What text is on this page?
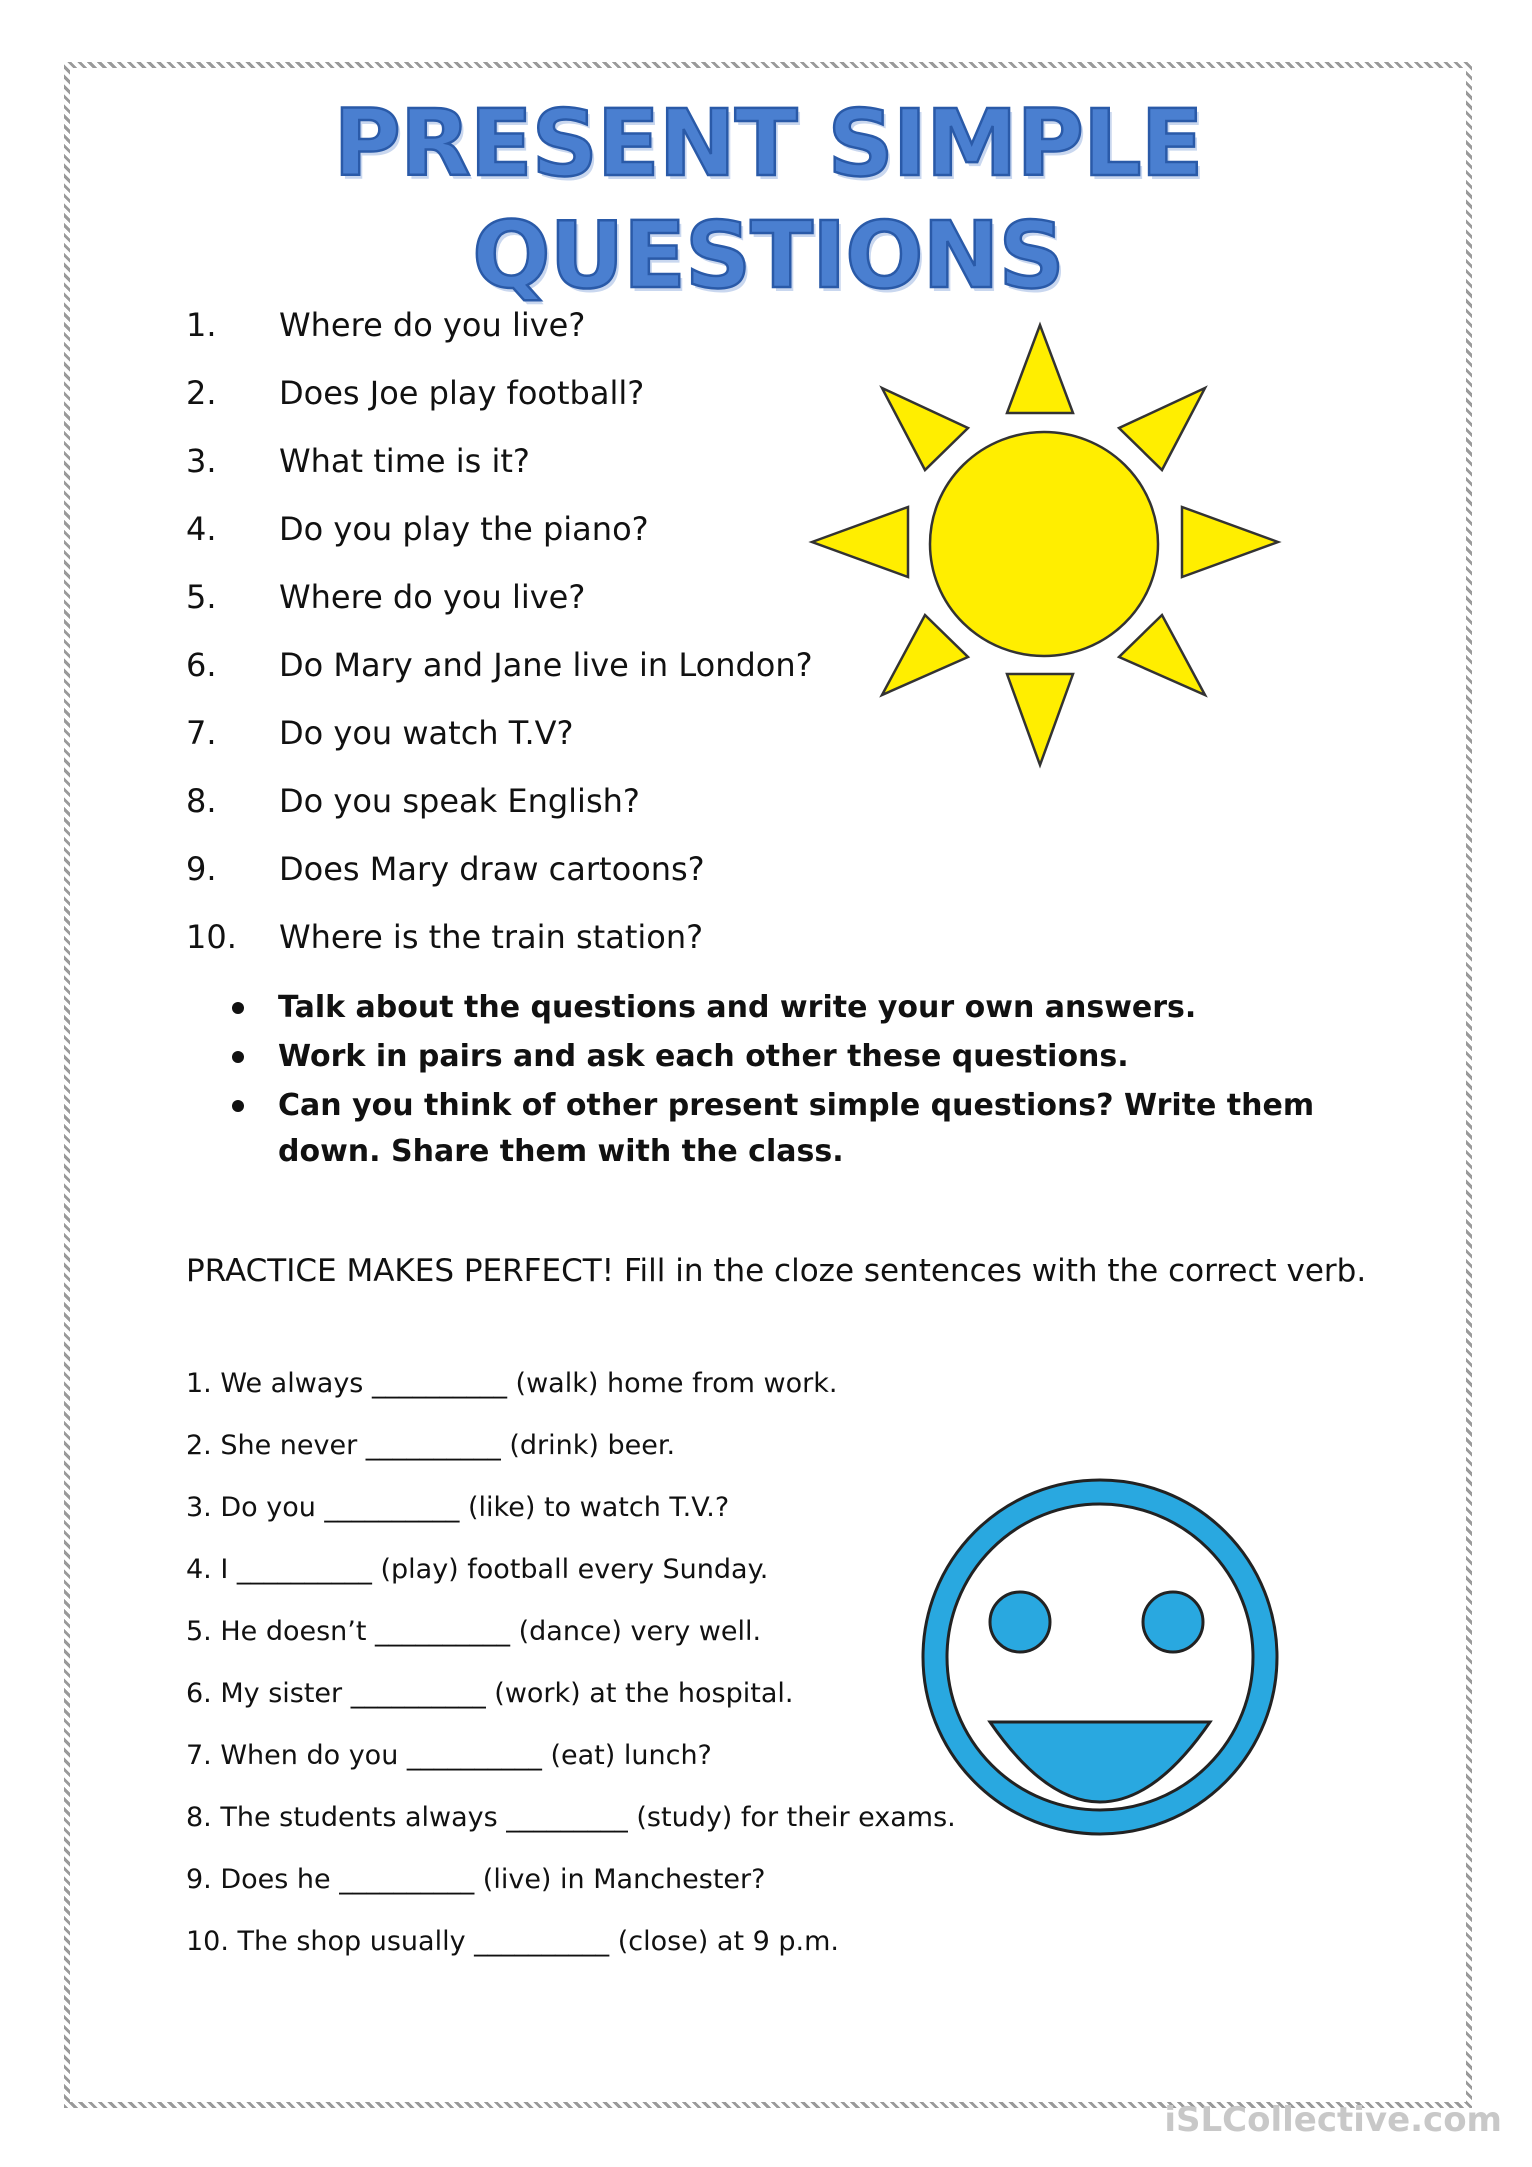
PRESENT SIMPLE QUESTIONS
1.	Where do you live?
2.	Does Joe play football?
3.	What time is it?
4.	Do you play the piano?
5.	Where do you live?
6.	Do Mary and Jane live in London?
7.	Do you watch T.V?
8.	Do you speak English?
9.	Does Mary draw cartoons?
10.	Where is the train station?
Talk about the questions and write your own answers.
Work in pairs and ask each other these questions.
Can you think of other present simple questions? Write them down. Share them with the class.
PRACTICE MAKES PERFECT! Fill in the cloze sentences with the correct verb.
1. We always __________ (walk) home from work.
2. She never __________ (drink) beer.
3. Do you __________ (like) to watch T.V.?
4. I __________ (play) football every Sunday.
5. He doesn’t __________ (dance) very well.
6. My sister __________ (work) at the hospital.
7. When do you __________ (eat) lunch?
8. The students always _________ (study) for their exams.
9. Does he __________ (live) in Manchester?
10. The shop usually __________ (close) at 9 p.m.
iSLCollective.com
